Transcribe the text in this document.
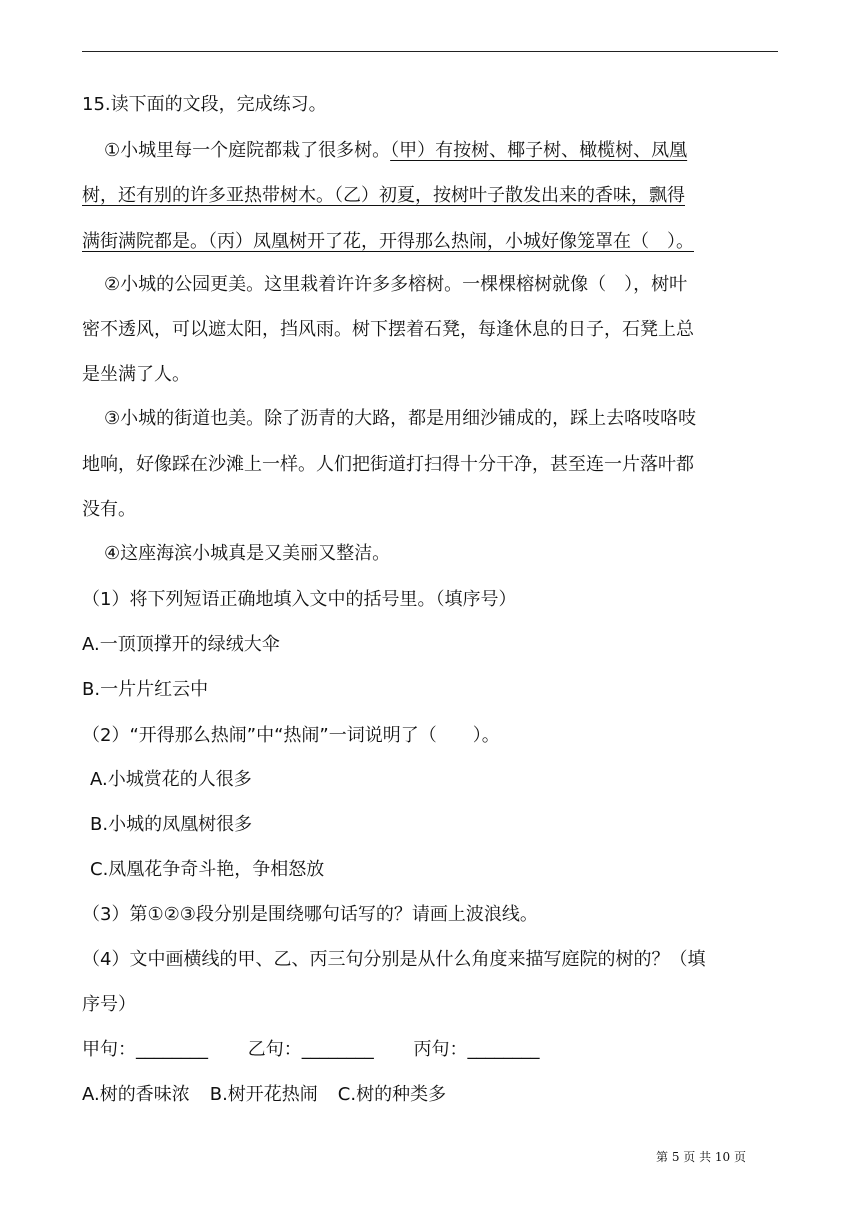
15.读下面的文段，完成练习。
①小城里每一个庭院都栽了很多树。（甲）有按树、椰子树、橄榄树、凤凰
树，还有别的许多亚热带树木。（乙）初夏，按树叶子散发出来的香味，飘得
满街满院都是。（丙）凤凰树开了花，开得那么热闹，小城好像笼罩在（　）。
②小城的公园更美。这里栽着许许多多榕树。一棵棵榕树就像（　），树叶
密不透风，可以遮太阳，挡风雨。树下摆着石凳，每逢休息的日子，石凳上总
是坐满了人。
③小城的街道也美。除了沥青的大路，都是用细沙铺成的，踩上去咯吱咯吱
地响，好像踩在沙滩上一样。人们把街道打扫得十分干净，甚至连一片落叶都
没有。
④这座海滨小城真是又美丽又整洁。
（1）将下列短语正确地填入文中的括号里。（填序号）
A.一顶顶撑开的绿绒大伞
B.一片片红云中
（2）“开得那么热闹”中“热闹”一词说明了（　　）。
A.小城赏花的人很多
B.小城的凤凰树很多
C.凤凰花争奇斗艳，争相怒放
（3）第①②③段分别是围绕哪句话写的？请画上波浪线。
（4）文中画横线的甲、乙、丙三句分别是从什么角度来描写庭院的树的？（填
序号）
甲句：________ 乙句：________ 丙句：________
A.树的香味浓 B.树开花热闹 C.树的种类多
第 5 页 共 10 页
